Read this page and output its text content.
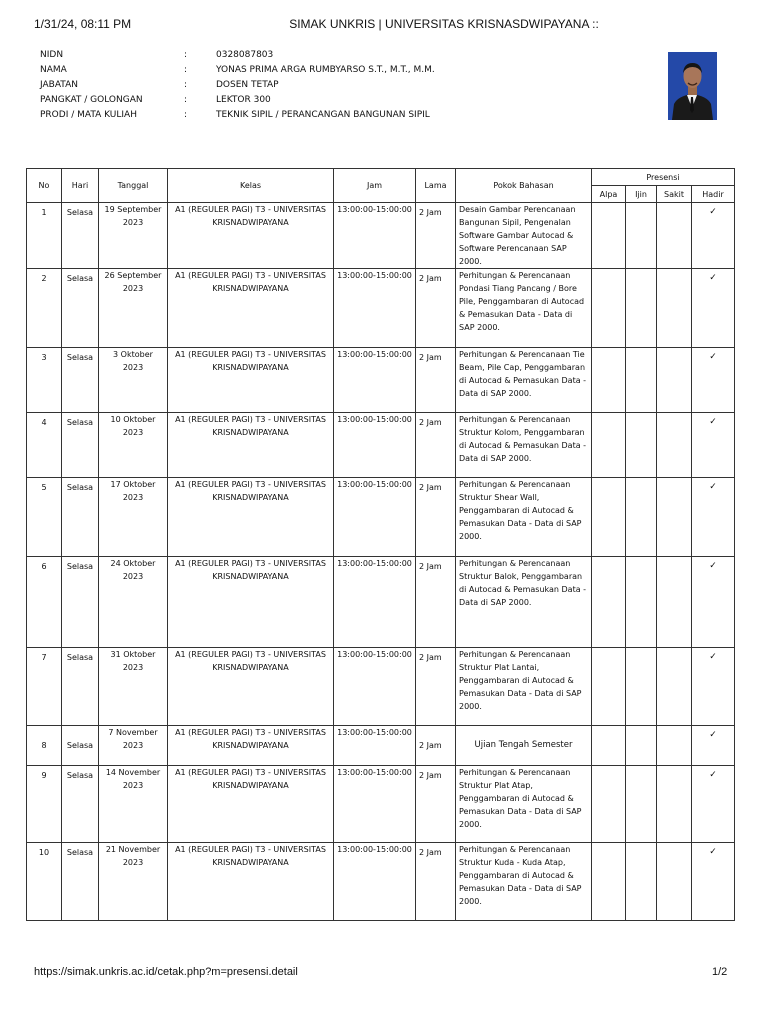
1/31/24, 08:11 PM	SIMAK UNKRIS | UNIVERSITAS KRISNASDWIPAYANA ::
NIDN	:	0328087803
NAMA	:	YONAS PRIMA ARGA RUMBYARSO S.T., M.T., M.M.
JABATAN	:	DOSEN TETAP
PANGKAT / GOLONGAN	:	LEKTOR 300
PRODI / MATA KULIAH	:	TEKNIK SIPIL / PERANCANGAN BANGUNAN SIPIL
No	Hari	Tanggal	Kelas	Jam	Lama	Pokok Bahasan	Presensi			
							Alpa	Ijin	Sakit	Hadir
1	Selasa	19 September 2023	A1 (REGULER PAGI) T3 - UNIVERSITAS KRISNADWIPAYANA	13:00:00-15:00:00	2 Jam	Desain Gambar Perencanaan Bangunan Sipil, Pengenalan Software Gambar Autocad & Software Perencanaan SAP 2000.				✓
2	Selasa	26 September 2023	A1 (REGULER PAGI) T3 - UNIVERSITAS KRISNADWIPAYANA	13:00:00-15:00:00	2 Jam	Perhitungan & Perencanaan Pondasi Tiang Pancang / Bore Pile, Penggambaran di Autocad & Pemasukan Data - Data di SAP 2000.				✓
3	Selasa	3 Oktober 2023	A1 (REGULER PAGI) T3 - UNIVERSITAS KRISNADWIPAYANA	13:00:00-15:00:00	2 Jam	Perhitungan & Perencanaan Tie Beam, Pile Cap, Penggambaran di Autocad & Pemasukan Data - Data di SAP 2000.				✓
4	Selasa	10 Oktober 2023	A1 (REGULER PAGI) T3 - UNIVERSITAS KRISNADWIPAYANA	13:00:00-15:00:00	2 Jam	Perhitungan & Perencanaan Struktur Kolom, Penggambaran di Autocad & Pemasukan Data - Data di SAP 2000.				✓
5	Selasa	17 Oktober 2023	A1 (REGULER PAGI) T3 - UNIVERSITAS KRISNADWIPAYANA	13:00:00-15:00:00	2 Jam	Perhitungan & Perencanaan Struktur Shear Wall, Penggambaran di Autocad & Pemasukan Data - Data di SAP 2000.				✓
6	Selasa	24 Oktober 2023	A1 (REGULER PAGI) T3 - UNIVERSITAS KRISNADWIPAYANA	13:00:00-15:00:00	2 Jam	Perhitungan & Perencanaan Struktur Balok, Penggambaran di Autocad & Pemasukan Data - Data di SAP 2000.				✓
7	Selasa	31 Oktober 2023	A1 (REGULER PAGI) T3 - UNIVERSITAS KRISNADWIPAYANA	13:00:00-15:00:00	2 Jam	Perhitungan & Perencanaan Struktur Plat Lantai, Penggambaran di Autocad & Pemasukan Data - Data di SAP 2000.				✓
8	Selasa	7 November 2023	A1 (REGULER PAGI) T3 - UNIVERSITAS KRISNADWIPAYANA	13:00:00-15:00:00	2 Jam	Ujian Tengah Semester				✓
9	Selasa	14 November 2023	A1 (REGULER PAGI) T3 - UNIVERSITAS KRISNADWIPAYANA	13:00:00-15:00:00	2 Jam	Perhitungan & Perencanaan Struktur Plat Atap, Penggambaran di Autocad & Pemasukan Data - Data di SAP 2000.				✓
10	Selasa	21 November 2023	A1 (REGULER PAGI) T3 - UNIVERSITAS KRISNADWIPAYANA	13:00:00-15:00:00	2 Jam	Perhitungan & Perencanaan Struktur Kuda - Kuda Atap, Penggambaran di Autocad & Pemasukan Data - Data di SAP 2000.				✓
https://simak.unkris.ac.id/cetak.php?m=presensi.detail	1/2
